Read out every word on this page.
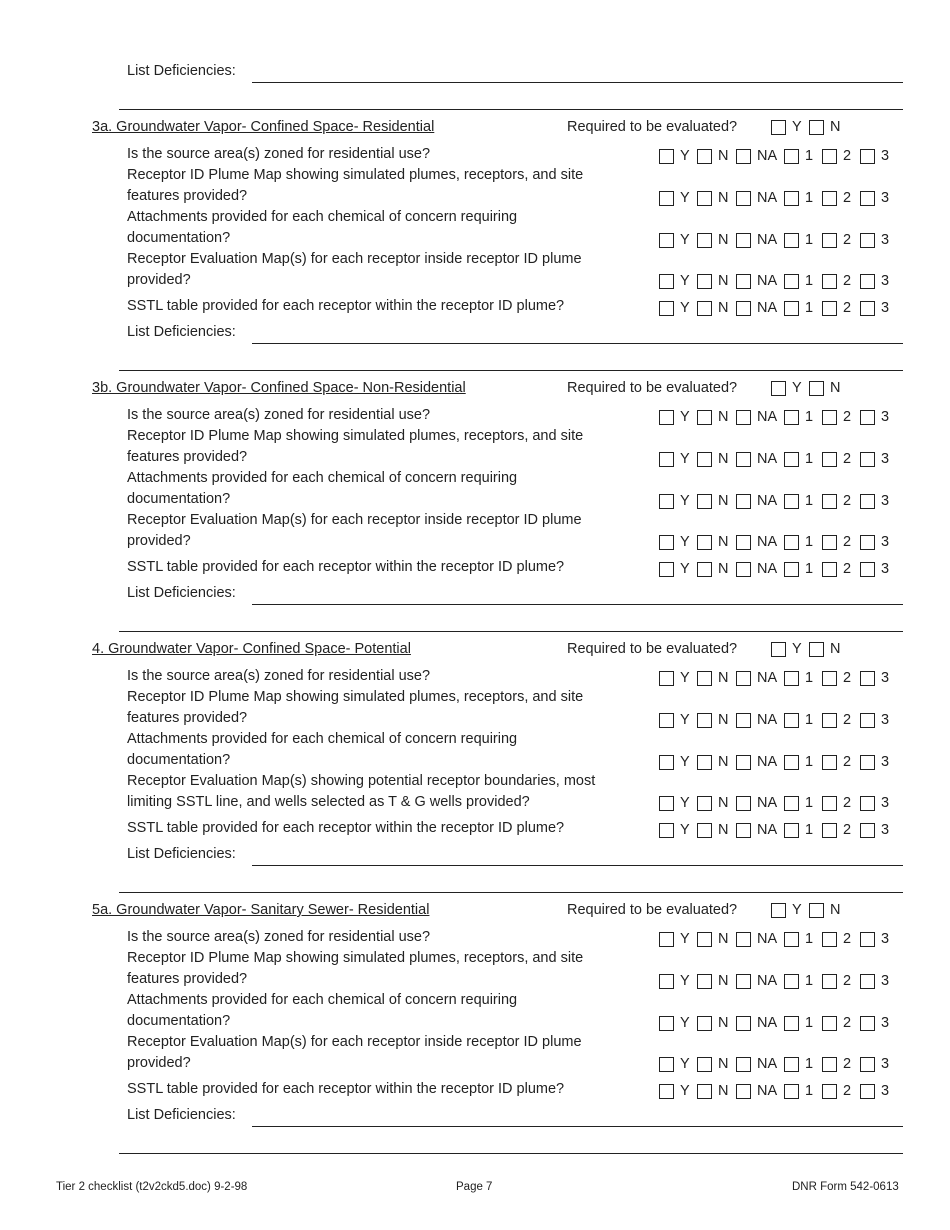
List Deficiencies:
3a. Groundwater Vapor- Confined Space- Residential	Required to be evaluated?	Y N
Is the source area(s) zoned for residential use?	Y N NA 1 2 3
Receptor ID Plume Map showing simulated plumes, receptors, and site
features provided?	Y N NA 1 2 3
Attachments provided for each chemical of concern requiring
documentation?	Y N NA 1 2 3
Receptor Evaluation Map(s) for each receptor inside receptor ID plume
provided?	Y N NA 1 2 3
SSTL table provided for each receptor within the receptor ID plume?	Y N NA 1 2 3
List Deficiencies:
3b. Groundwater Vapor- Confined Space- Non-Residential	Required to be evaluated?	Y N
Is the source area(s) zoned for residential use?	Y N NA 1 2 3
Receptor ID Plume Map showing simulated plumes, receptors, and site
features provided?	Y N NA 1 2 3
Attachments provided for each chemical of concern requiring
documentation?	Y N NA 1 2 3
Receptor Evaluation Map(s) for each receptor inside receptor ID plume
provided?	Y N NA 1 2 3
SSTL table provided for each receptor within the receptor ID plume?	Y N NA 1 2 3
List Deficiencies:
4. Groundwater Vapor- Confined Space- Potential	Required to be evaluated?	Y N
Is the source area(s) zoned for residential use?	Y N NA 1 2 3
Receptor ID Plume Map showing simulated plumes, receptors, and site
features provided?	Y N NA 1 2 3
Attachments provided for each chemical of concern requiring
documentation?	Y N NA 1 2 3
Receptor Evaluation Map(s) showing potential receptor boundaries, most
limiting SSTL line, and wells selected as T & G wells provided?	Y N NA 1 2 3
SSTL table provided for each receptor within the receptor ID plume?	Y N NA 1 2 3
List Deficiencies:
5a. Groundwater Vapor- Sanitary Sewer- Residential	Required to be evaluated?	Y N
Is the source area(s) zoned for residential use?	Y N NA 1 2 3
Receptor ID Plume Map showing simulated plumes, receptors, and site
features provided?	Y N NA 1 2 3
Attachments provided for each chemical of concern requiring
documentation?	Y N NA 1 2 3
Receptor Evaluation Map(s) for each receptor inside receptor ID plume
provided?	Y N NA 1 2 3
SSTL table provided for each receptor within the receptor ID plume?	Y N NA 1 2 3
List Deficiencies:
Tier 2 checklist (t2v2ckd5.doc) 9-2-98	Page 7	DNR Form 542-0613
